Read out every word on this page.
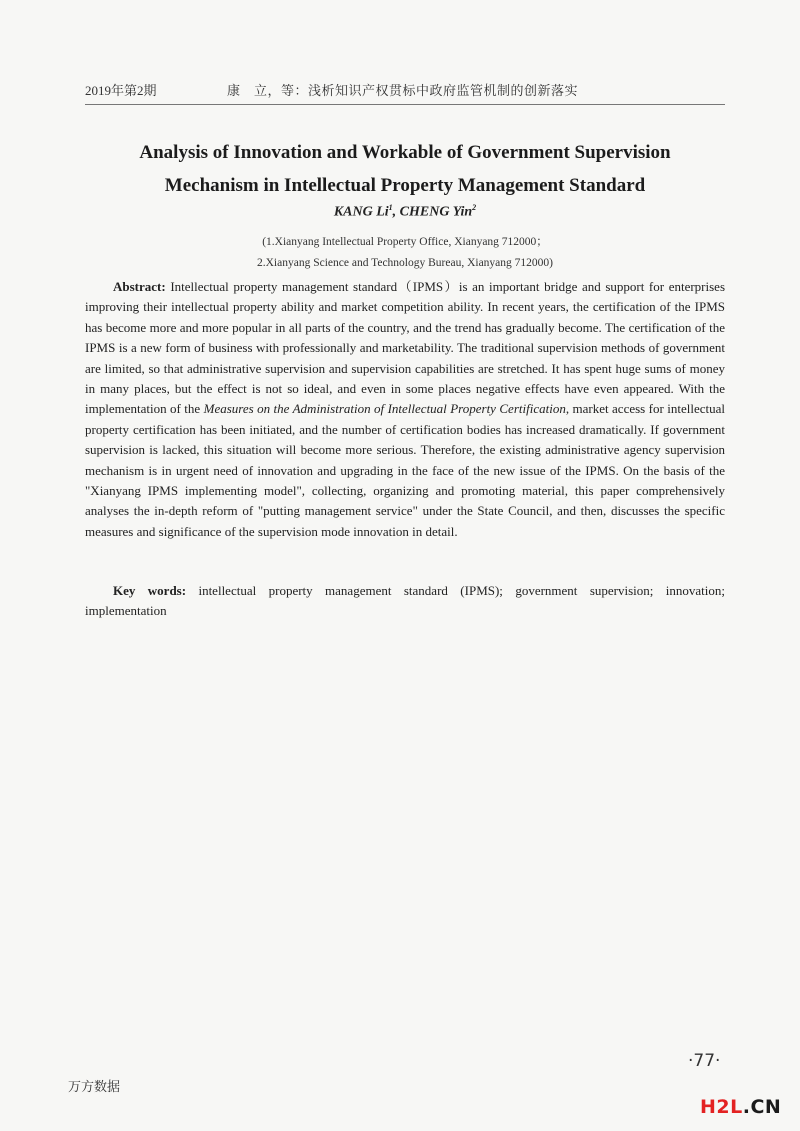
2019年第2期	康　立，等：浅析知识产权贯标中政府监管机制的创新落实
Analysis of Innovation and Workable of Government Supervision
Mechanism in Intellectual Property Management Standard
KANG Li$^1$, CHENG Yin$^2$
(1.Xianyang Intellectual Property Office, Xianyang 712000；
2.Xianyang Science and Technology Bureau, Xianyang 712000)

Abstract: Intellectual property management standard（IPMS）is an important bridge and support for enterprises improving their intellectual property ability and market competition ability. In recent years, the certification of the IPMS has become more and more popular in all parts of the country, and the trend has gradually become. The certification of the IPMS is a new form of business with professionally and marketability. The traditional supervision methods of government are limited, so that administrative supervision and supervision capabilities are stretched. It has spent huge sums of money in many places, but the effect is not so ideal, and even in some places negative effects have even appeared. With the implementation of the Measures on the Administration of Intellectual Property Certification, market access for intellectual property certification has been initiated, and the number of certification bodies has increased dramatically. If government supervision is lacked, this situation will become more serious. Therefore, the existing administrative agency supervision mechanism is in urgent need of innovation and upgrading in the face of the new issue of the IPMS. On the basis of the "Xianyang IPMS implementing model", collecting, organizing and promoting material, this paper comprehensively analyses the in-depth reform of "putting management service" under the State Council, and then, discusses the specific measures and significance of the supervision mode innovation in detail.

Key words: intellectual property management standard (IPMS); government supervision; innovation; implementation

·77·
万方数据
H2L.CN
